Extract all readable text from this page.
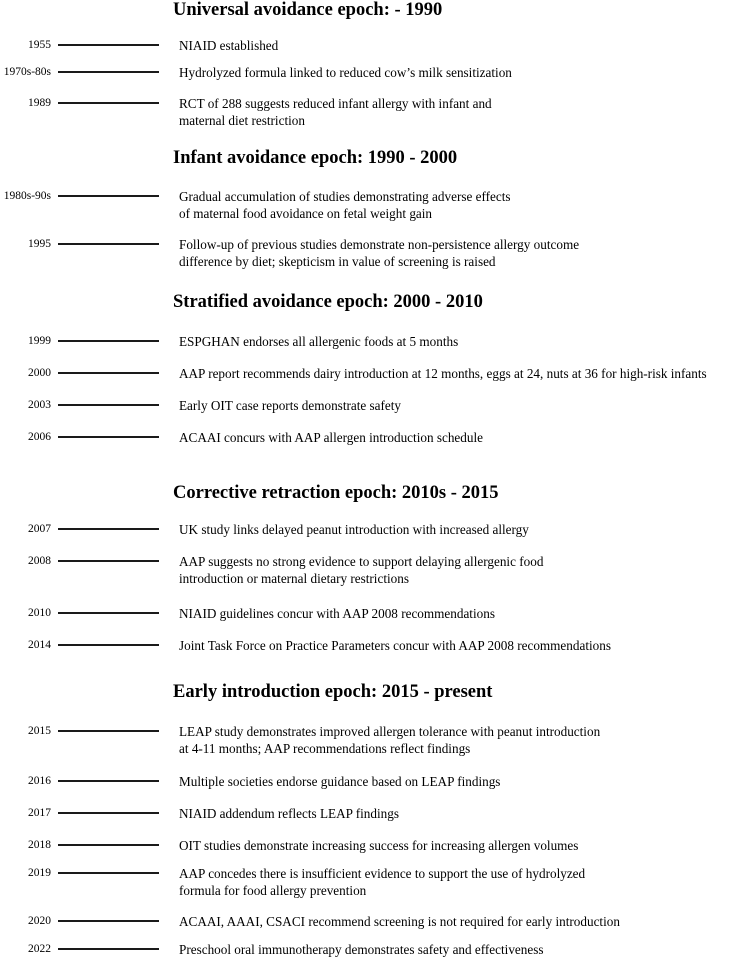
Universal avoidance epoch: - 1990
1955	NIAID established
1970s-80s	Hydrolyzed formula linked to reduced cow’s milk sensitization
1989	RCT of 288 suggests reduced infant allergy with infant and
maternal diet restriction
Infant avoidance epoch: 1990 - 2000
1980s-90s	Gradual accumulation of studies demonstrating adverse effects
of maternal food avoidance on fetal weight gain
1995	Follow-up of previous studies demonstrate non-persistence allergy outcome
difference by diet; skepticism in value of screening is raised
Stratified avoidance epoch: 2000 - 2010
1999	ESPGHAN endorses all allergenic foods at 5 months
2000	AAP report recommends dairy introduction at 12 months, eggs at 24, nuts at 36 for high-risk infants
2003	Early OIT case reports demonstrate safety
2006	ACAAI concurs with AAP allergen introduction schedule
Corrective retraction epoch: 2010s - 2015
2007	UK study links delayed peanut introduction with increased allergy
2008	AAP suggests no strong evidence to support delaying allergenic food
introduction or maternal dietary restrictions
2010	NIAID guidelines concur with AAP 2008 recommendations
2014	Joint Task Force on Practice Parameters concur with AAP 2008 recommendations
Early introduction epoch: 2015 - present
2015	LEAP study demonstrates improved allergen tolerance with peanut introduction
at 4-11 months; AAP recommendations reflect findings
2016	Multiple societies endorse guidance based on LEAP findings
2017	NIAID addendum reflects LEAP findings
2018	OIT studies demonstrate increasing success for increasing allergen volumes
2019	AAP concedes there is insufficient evidence to support the use of hydrolyzed
formula for food allergy prevention
2020	ACAAI, AAAI, CSACI recommend screening is not required for early introduction
2022	Preschool oral immunotherapy demonstrates safety and effectiveness
